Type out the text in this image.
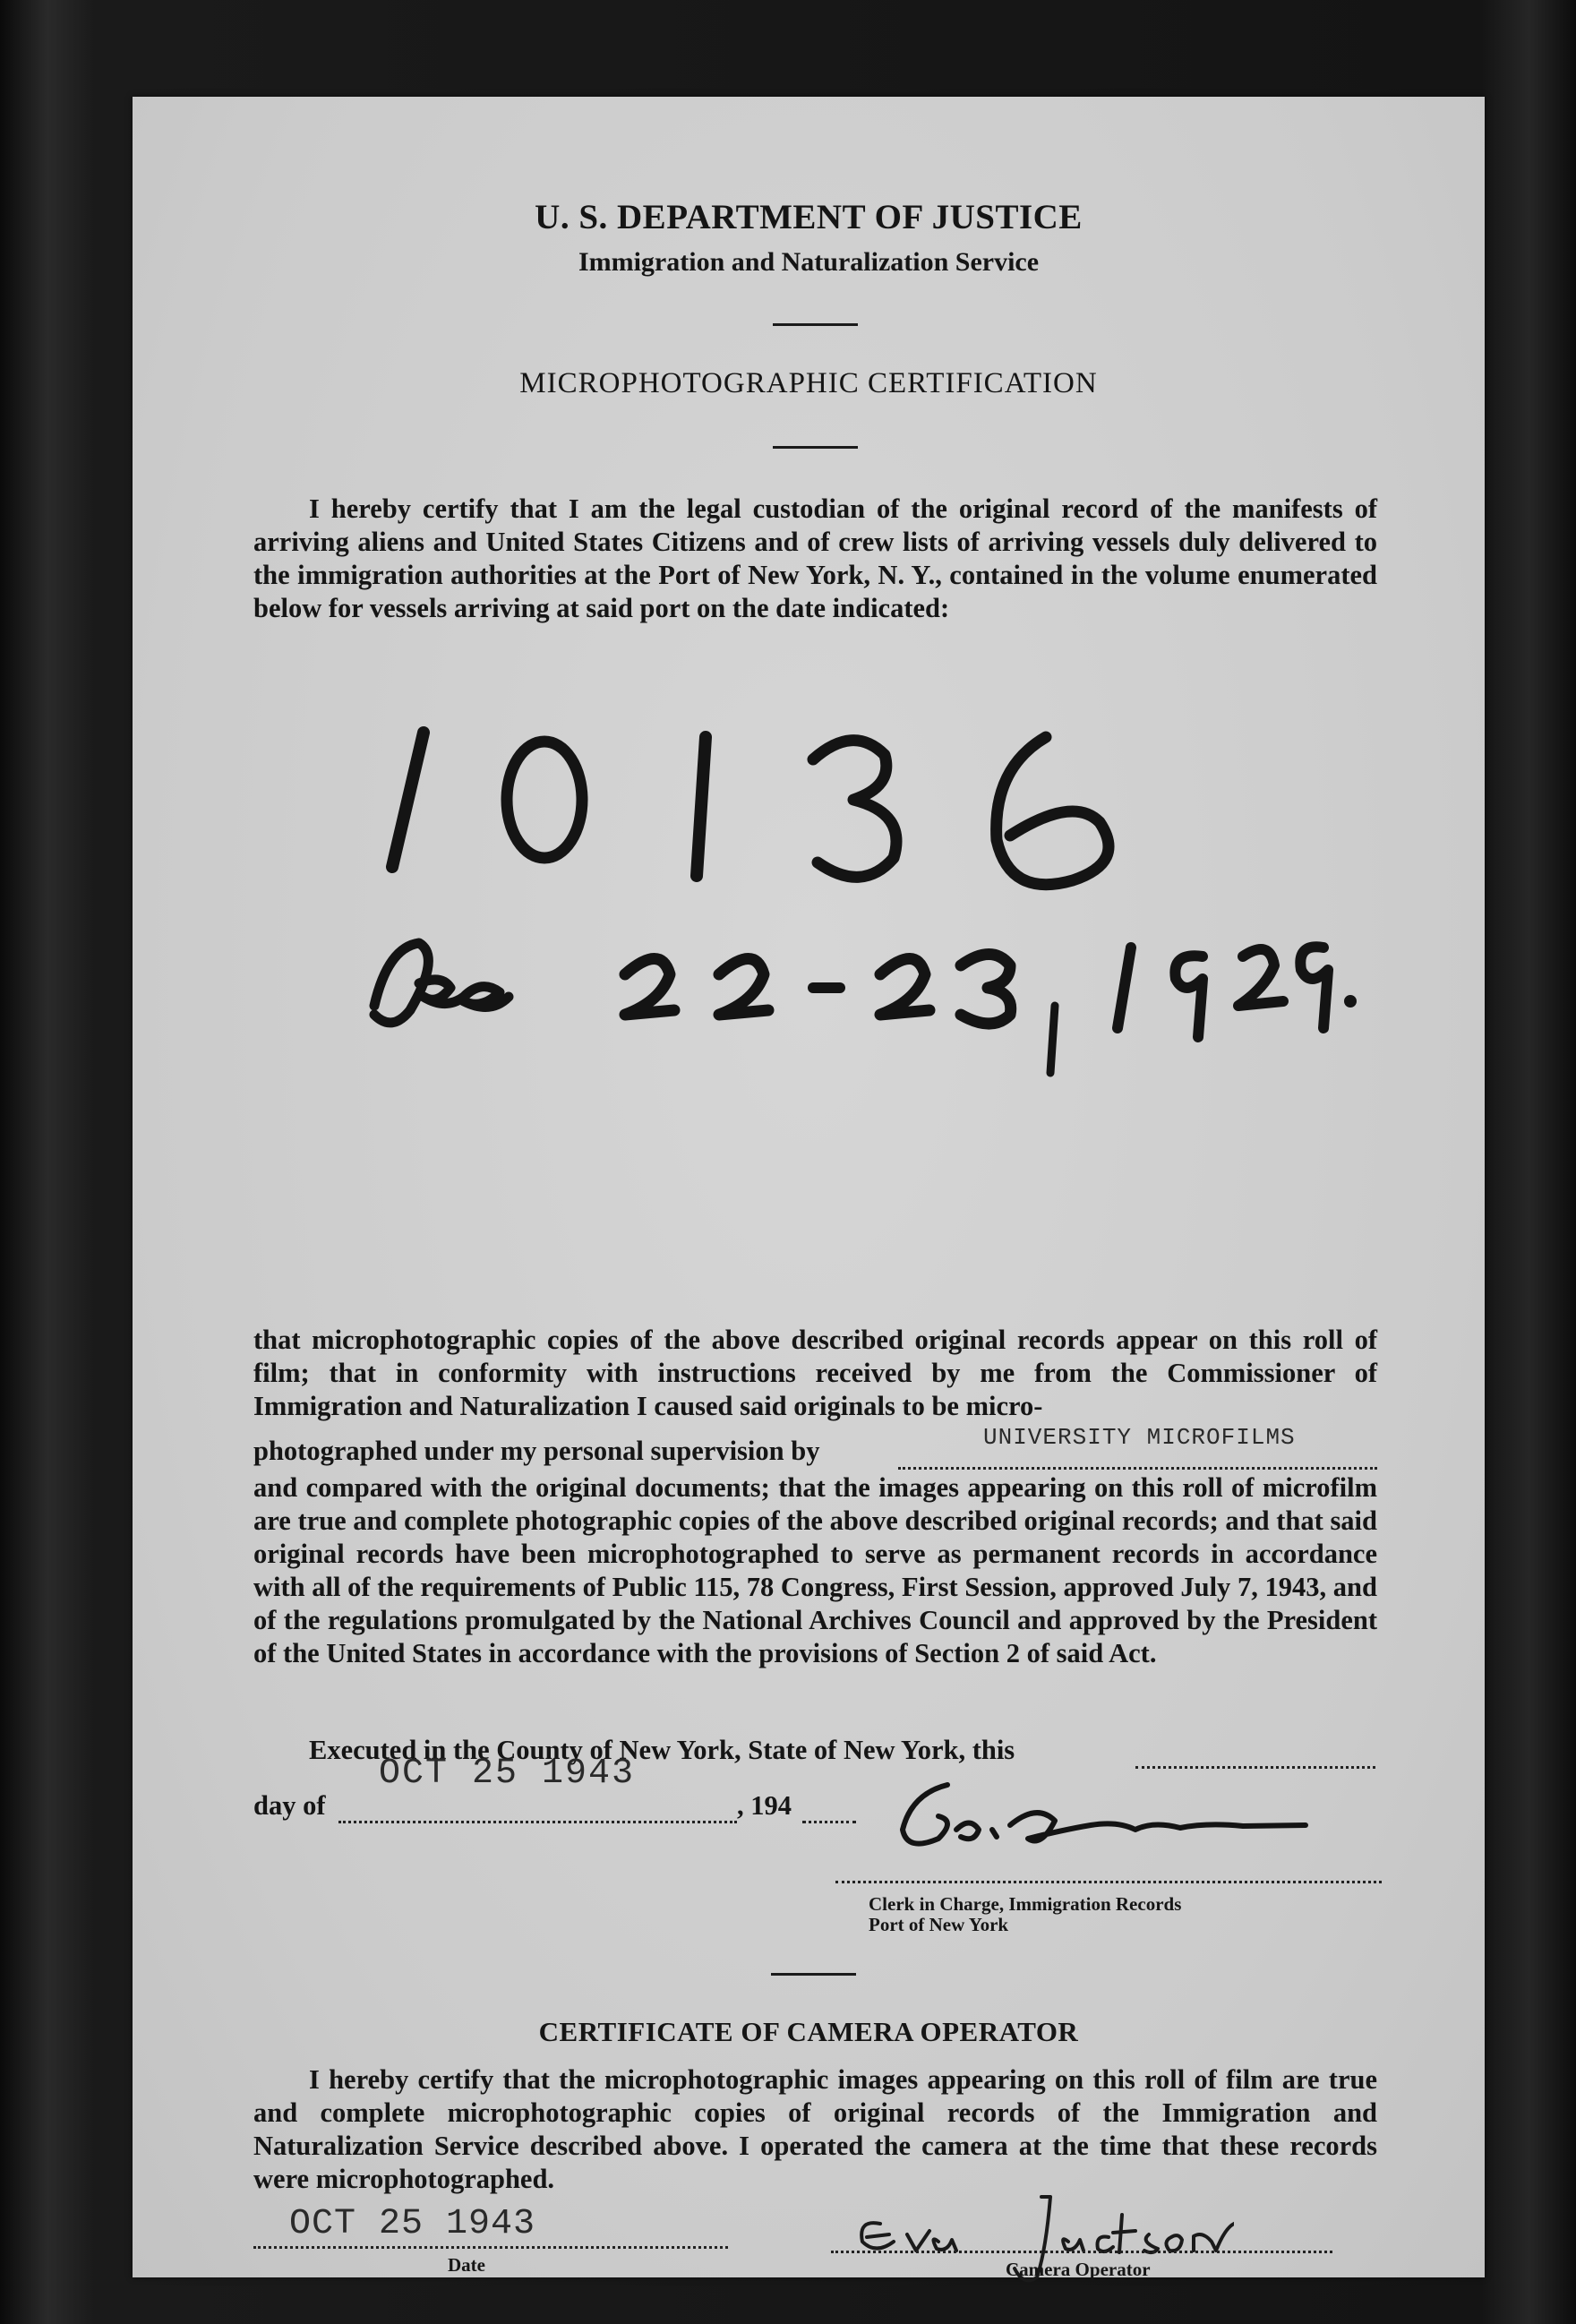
U. S. DEPARTMENT OF JUSTICE
Immigration and Naturalization Service
MICROPHOTOGRAPHIC CERTIFICATION
I hereby certify that I am the legal custodian of the original record of the manifests of arriving aliens and United States Citizens and of crew lists of arriving vessels duly delivered to the immigration authorities at the Port of New York, N. Y., contained in the volume enumerated below for vessels arriving at said port on the date indicated:
that microphotographic copies of the above described original records appear on this roll of film; that in conformity with instructions received by me from the Commissioner of Immigration and Naturalization I caused said originals to be micro-
photographed under my personal supervision by	UNIVERSITY MICROFILMS
and compared with the original documents; that the images appearing on this roll of microfilm are true and complete photographic copies of the above described original records; and that said original records have been microphotographed to serve as permanent records in accordance with all of the requirements of Public 115, 78 Congress, First Session, approved July 7, 1943, and of the regulations promulgated by the National Archives Council and approved by the President of the United States in accordance with the provisions of Section 2 of said Act.
Executed in the County of New York, State of New York, this
day of
OCT 25 1943
, 194
Clerk in Charge, Immigration Records
Port of New York
CERTIFICATE OF CAMERA OPERATOR
I hereby certify that the microphotographic images appearing on this roll of film are true and complete microphotographic copies of original records of the Immigration and Naturalization Service described above. I operated the camera at the time that these records were microphotographed.
OCT 25 1943
Date	Camera Operator
